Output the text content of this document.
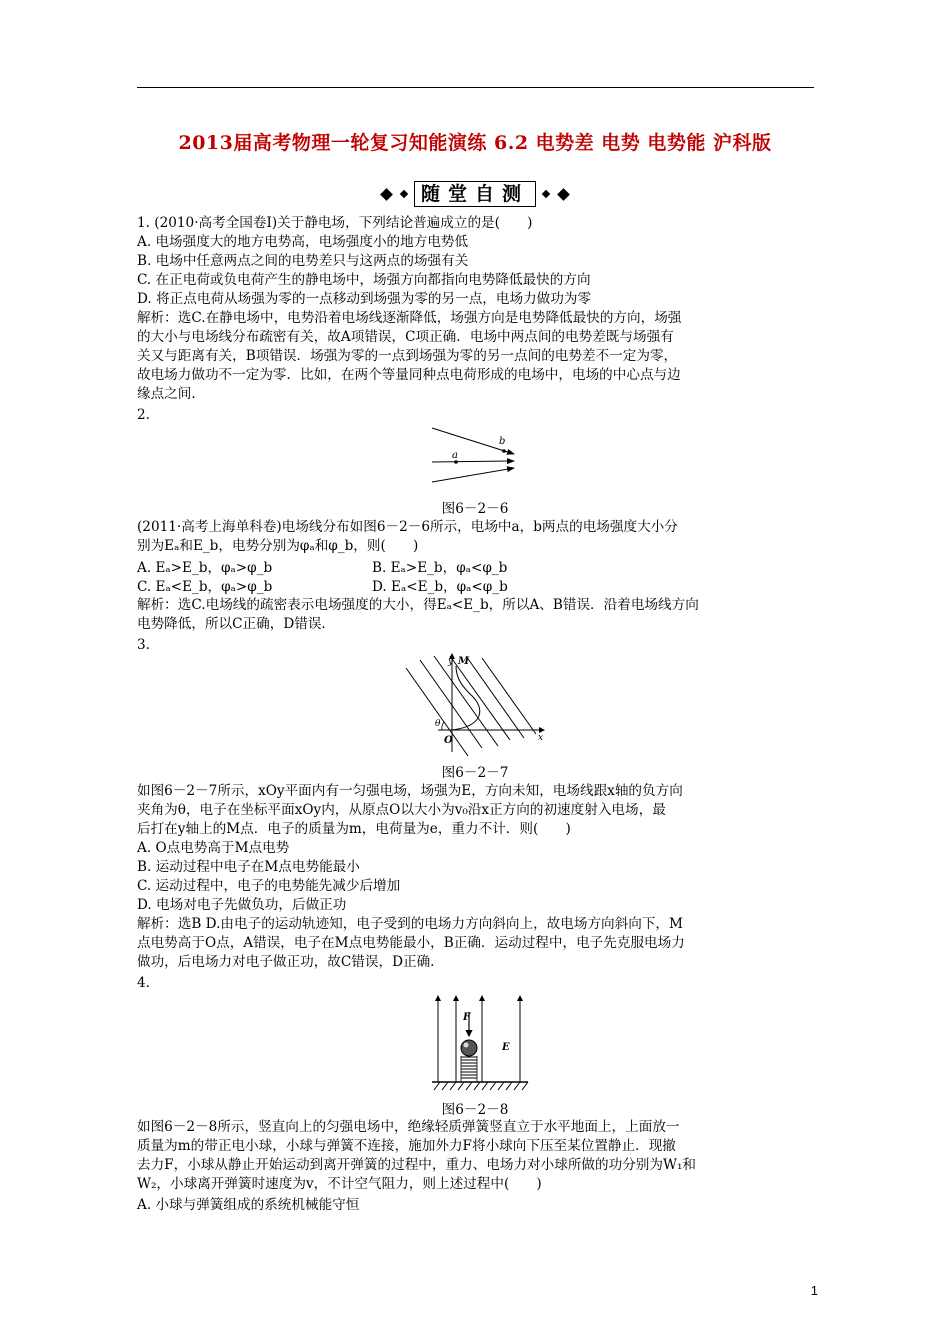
2013届高考物理一轮复习知能演练 6.2 电势差 电势 电势能 沪科版
随堂自测
1. (2010·高考全国卷Ⅰ)关于静电场，下列结论普遍成立的是(　　)
A. 电场强度大的地方电势高，电场强度小的地方电势低
B. 电场中任意两点之间的电势差只与这两点的场强有关
C. 在正电荷或负电荷产生的静电场中，场强方向都指向电势降低最快的方向
D. 将正点电荷从场强为零的一点移动到场强为零的另一点，电场力做功为零
解析：选C.在静电场中，电势沿着电场线逐渐降低，场强方向是电势降低最快的方向，场强
的大小与电场线分布疏密有关，故A项错误，C项正确．电场中两点间的电势差既与场强有
关又与距离有关，B项错误．场强为零的一点到场强为零的另一点间的电势差不一定为零，
故电场力做功不一定为零．比如，在两个等量同种点电荷形成的电场中，电场的中心点与边
缘点之间.
2.
a
b
图6－2－6
(2011·高考上海单科卷)电场线分布如图6－2－6所示，电场中a，b两点的电场强度大小分
别为Eₐ和E_b，电势分别为φₐ和φ_b，则(　　)
A. Eₐ>E_b，φₐ>φ_b	B. Eₐ>E_b，φₐ<φ_b
C. Eₐ<E_b，φₐ>φ_b	D. Eₐ<E_b，φₐ<φ_b
解析：选C.电场线的疏密表示电场强度的大小，得Eₐ<E_b，所以A、B错误．沿着电场线方向
电势降低，所以C正确，D错误.
3.
y M
θ
O	x
图6－2－7
如图6－2－7所示，xOy平面内有一匀强电场，场强为E，方向未知，电场线跟x轴的负方向
夹角为θ，电子在坐标平面xOy内，从原点O以大小为v₀沿x正方向的初速度射入电场，最
后打在y轴上的M点．电子的质量为m，电荷量为e，重力不计．则(　　)
A. O点电势高于M点电势
B. 运动过程中电子在M点电势能最小
C. 运动过程中，电子的电势能先减少后增加
D. 电场对电子先做负功，后做正功
解析：选B D.由电子的运动轨迹知，电子受到的电场力方向斜向上，故电场方向斜向下，M
点电势高于O点，A错误，电子在M点电势能最小，B正确．运动过程中，电子先克服电场力
做功，后电场力对电子做正功，故C错误，D正确.
4.
F
E
图6－2－8
如图6－2－8所示，竖直向上的匀强电场中，绝缘轻质弹簧竖直立于水平地面上，上面放一
质量为m的带正电小球，小球与弹簧不连接，施加外力F将小球向下压至某位置静止．现撤
去力F，小球从静止开始运动到离开弹簧的过程中，重力、电场力对小球所做的功分别为W₁和
W₂，小球离开弹簧时速度为v，不计空气阻力，则上述过程中(　　)
A. 小球与弹簧组成的系统机械能守恒
1
